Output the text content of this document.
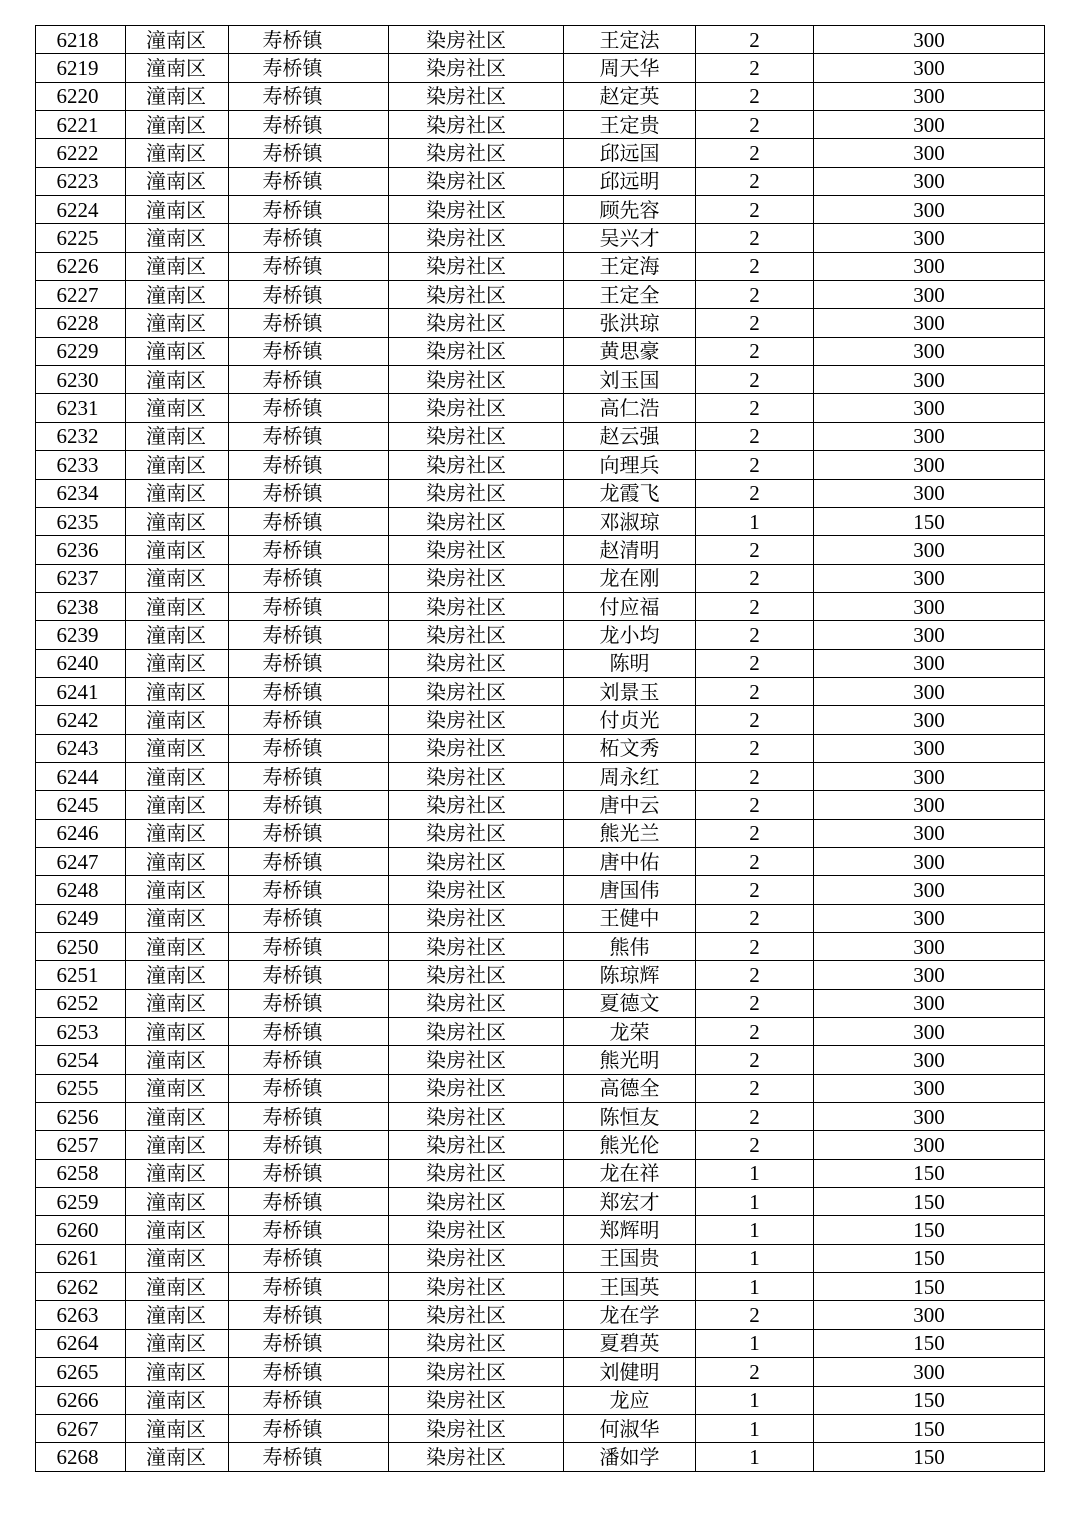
6218	潼南区	寿桥镇	染房社区	王定法	2	300
6219	潼南区	寿桥镇	染房社区	周天华	2	300
6220	潼南区	寿桥镇	染房社区	赵定英	2	300
6221	潼南区	寿桥镇	染房社区	王定贵	2	300
6222	潼南区	寿桥镇	染房社区	邱远国	2	300
6223	潼南区	寿桥镇	染房社区	邱远明	2	300
6224	潼南区	寿桥镇	染房社区	顾先容	2	300
6225	潼南区	寿桥镇	染房社区	吴兴才	2	300
6226	潼南区	寿桥镇	染房社区	王定海	2	300
6227	潼南区	寿桥镇	染房社区	王定全	2	300
6228	潼南区	寿桥镇	染房社区	张洪琼	2	300
6229	潼南区	寿桥镇	染房社区	黄思豪	2	300
6230	潼南区	寿桥镇	染房社区	刘玉国	2	300
6231	潼南区	寿桥镇	染房社区	高仁浩	2	300
6232	潼南区	寿桥镇	染房社区	赵云强	2	300
6233	潼南区	寿桥镇	染房社区	向理兵	2	300
6234	潼南区	寿桥镇	染房社区	龙霞飞	2	300
6235	潼南区	寿桥镇	染房社区	邓淑琼	1	150
6236	潼南区	寿桥镇	染房社区	赵清明	2	300
6237	潼南区	寿桥镇	染房社区	龙在刚	2	300
6238	潼南区	寿桥镇	染房社区	付应福	2	300
6239	潼南区	寿桥镇	染房社区	龙小均	2	300
6240	潼南区	寿桥镇	染房社区	陈明	2	300
6241	潼南区	寿桥镇	染房社区	刘景玉	2	300
6242	潼南区	寿桥镇	染房社区	付贞光	2	300
6243	潼南区	寿桥镇	染房社区	柘文秀	2	300
6244	潼南区	寿桥镇	染房社区	周永红	2	300
6245	潼南区	寿桥镇	染房社区	唐中云	2	300
6246	潼南区	寿桥镇	染房社区	熊光兰	2	300
6247	潼南区	寿桥镇	染房社区	唐中佑	2	300
6248	潼南区	寿桥镇	染房社区	唐国伟	2	300
6249	潼南区	寿桥镇	染房社区	王健中	2	300
6250	潼南区	寿桥镇	染房社区	熊伟	2	300
6251	潼南区	寿桥镇	染房社区	陈琼辉	2	300
6252	潼南区	寿桥镇	染房社区	夏德文	2	300
6253	潼南区	寿桥镇	染房社区	龙荣	2	300
6254	潼南区	寿桥镇	染房社区	熊光明	2	300
6255	潼南区	寿桥镇	染房社区	高德全	2	300
6256	潼南区	寿桥镇	染房社区	陈恒友	2	300
6257	潼南区	寿桥镇	染房社区	熊光伦	2	300
6258	潼南区	寿桥镇	染房社区	龙在祥	1	150
6259	潼南区	寿桥镇	染房社区	郑宏才	1	150
6260	潼南区	寿桥镇	染房社区	郑辉明	1	150
6261	潼南区	寿桥镇	染房社区	王国贵	1	150
6262	潼南区	寿桥镇	染房社区	王国英	1	150
6263	潼南区	寿桥镇	染房社区	龙在学	2	300
6264	潼南区	寿桥镇	染房社区	夏碧英	1	150
6265	潼南区	寿桥镇	染房社区	刘健明	2	300
6266	潼南区	寿桥镇	染房社区	龙应	1	150
6267	潼南区	寿桥镇	染房社区	何淑华	1	150
6268	潼南区	寿桥镇	染房社区	潘如学	1	150
